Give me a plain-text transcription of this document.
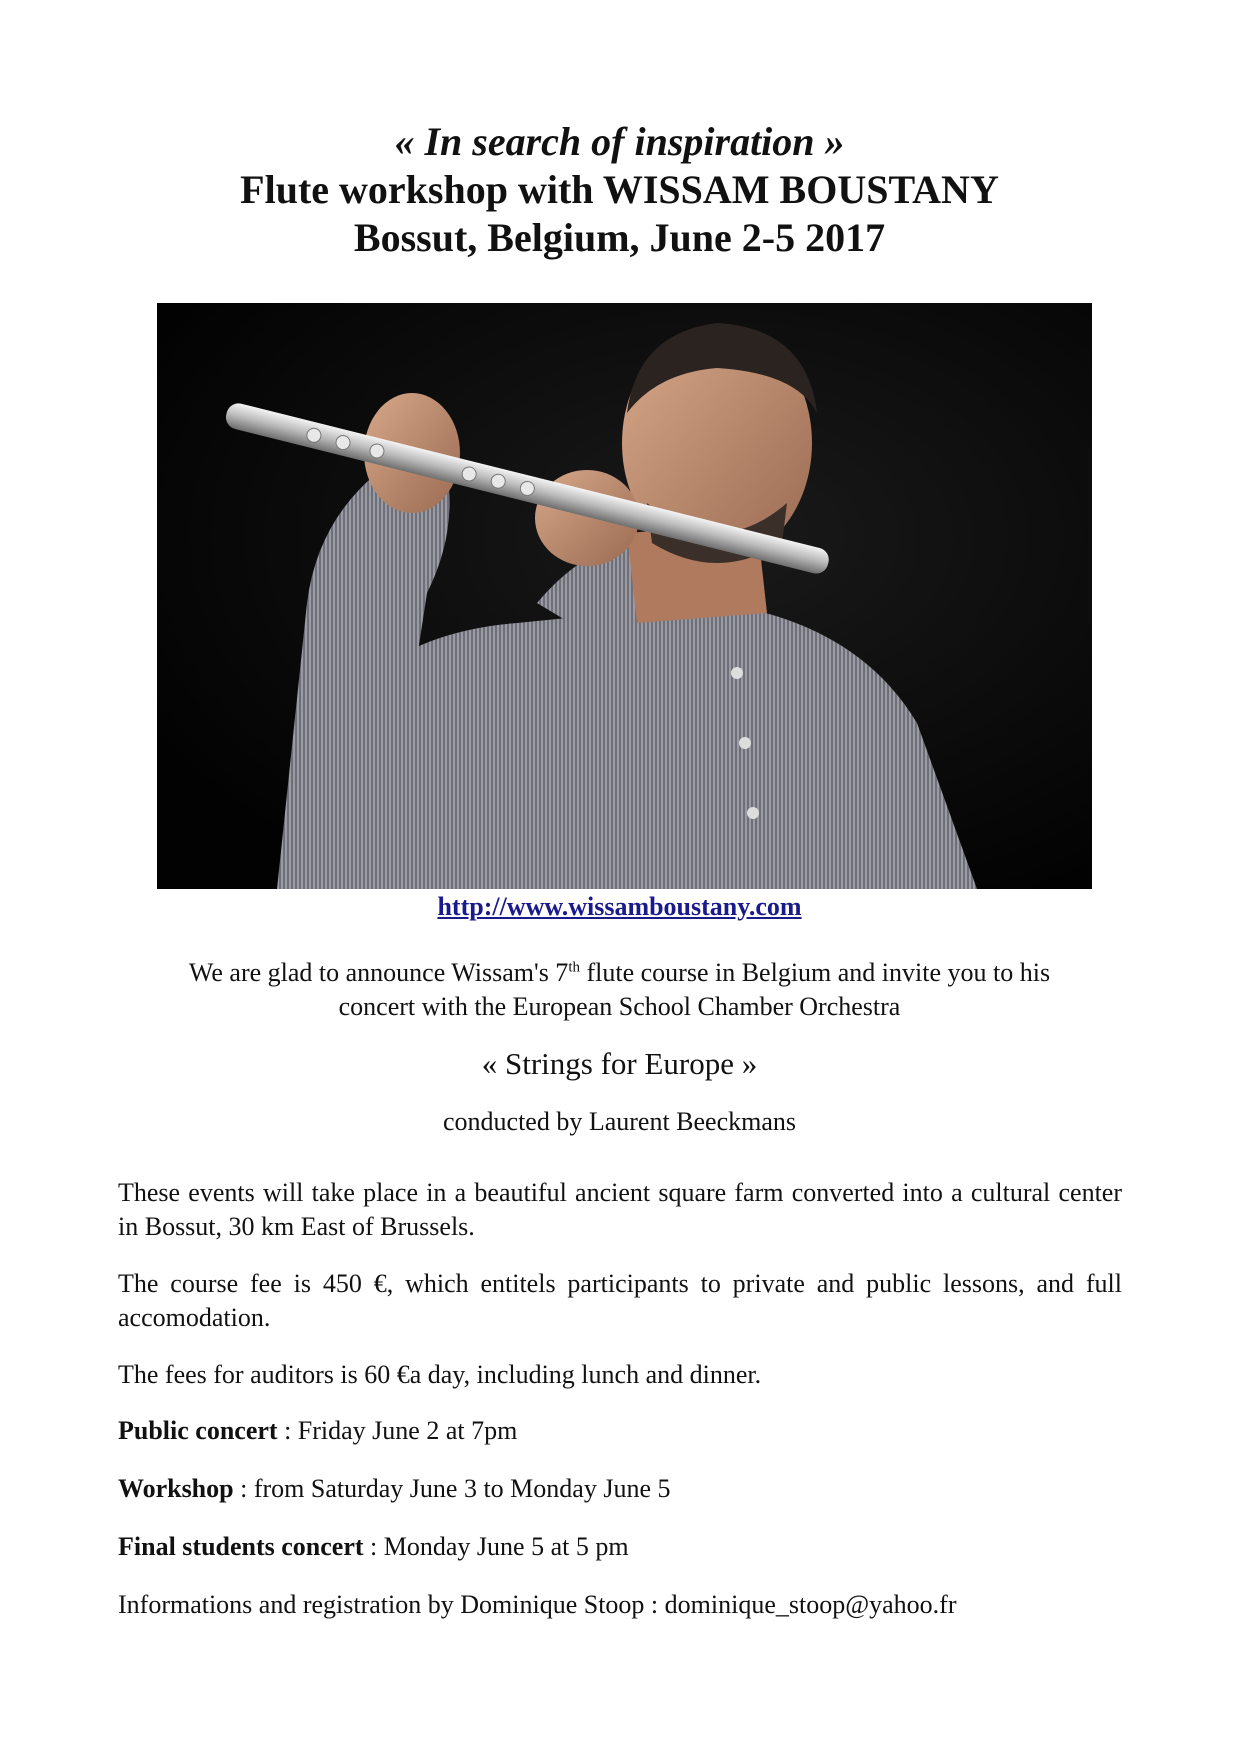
« In search of inspiration »
Flute workshop with WISSAM BOUSTANY
Bossut, Belgium, June 2-5 2017
http://www.wissamboustany.com
We are glad to announce Wissam's 7th flute course in Belgium and invite you to his
concert with the European School Chamber Orchestra
« Strings for Europe »
conducted by Laurent Beeckmans
These events will take place in a beautiful ancient square farm converted into a cultural center in Bossut, 30 km East of Brussels.
The course fee is 450 €, which entitels participants to private and public lessons, and full accomodation.
The fees for auditors is 60 €a day, including lunch and dinner.
Public concert : Friday June 2 at 7pm
Workshop : from Saturday June 3 to Monday June 5
Final students concert : Monday June 5 at 5 pm
Informations and registration by Dominique Stoop : dominique_stoop@yahoo.fr
